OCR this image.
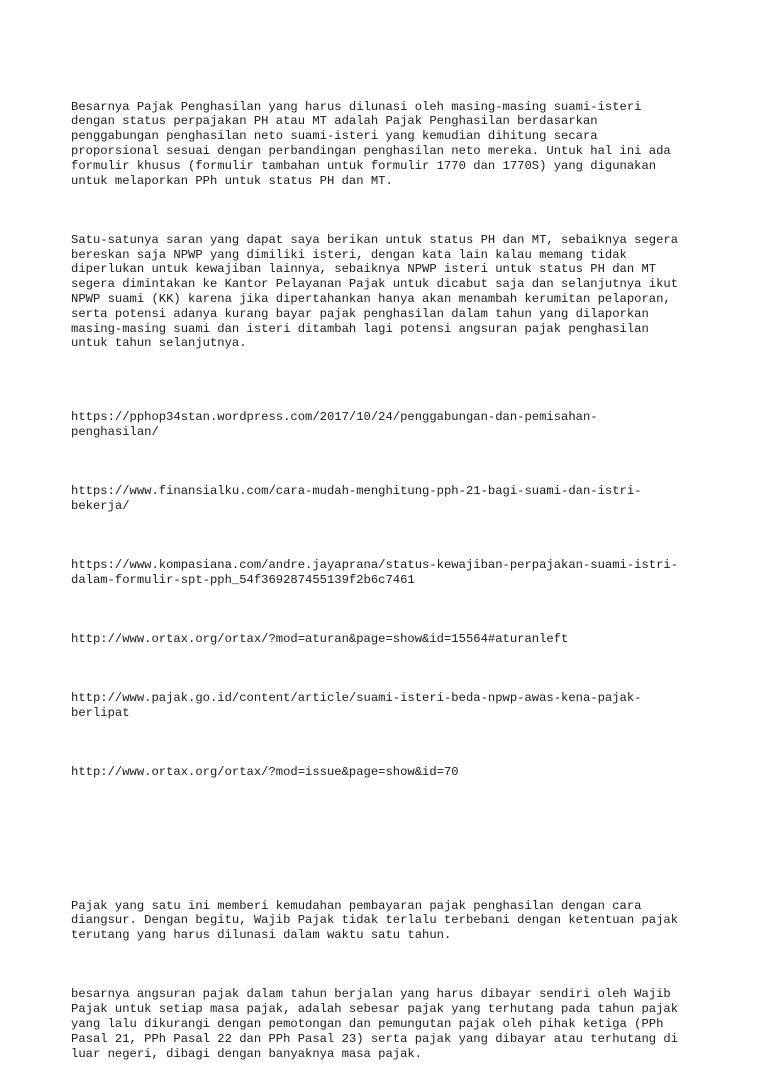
Besarnya Pajak Penghasilan yang harus dilunasi oleh masing-masing suami-isteri
dengan status perpajakan PH atau MT adalah Pajak Penghasilan berdasarkan
penggabungan penghasilan neto suami-isteri yang kemudian dihitung secara
proporsional sesuai dengan perbandingan penghasilan neto mereka. Untuk hal ini ada
formulir khusus (formulir tambahan untuk formulir 1770 dan 1770S) yang digunakan
untuk melaporkan PPh untuk status PH dan MT.

Satu-satunya saran yang dapat saya berikan untuk status PH dan MT, sebaiknya segera
bereskan saja NPWP yang dimiliki isteri, dengan kata lain kalau memang tidak
diperlukan untuk kewajiban lainnya, sebaiknya NPWP isteri untuk status PH dan MT
segera dimintakan ke Kantor Pelayanan Pajak untuk dicabut saja dan selanjutnya ikut
NPWP suami (KK) karena jika dipertahankan hanya akan menambah kerumitan pelaporan,
serta potensi adanya kurang bayar pajak penghasilan dalam tahun yang dilaporkan
masing-masing suami dan isteri ditambah lagi potensi angsuran pajak penghasilan
untuk tahun selanjutnya.

https://pphop34stan.wordpress.com/2017/10/24/penggabungan-dan-pemisahan-
penghasilan/

https://www.finansialku.com/cara-mudah-menghitung-pph-21-bagi-suami-dan-istri-
bekerja/

https://www.kompasiana.com/andre.jayaprana/status-kewajiban-perpajakan-suami-istri-
dalam-formulir-spt-pph_54f369287455139f2b6c7461

http://www.ortax.org/ortax/?mod=aturan&page=show&id=15564#aturanleft

http://www.pajak.go.id/content/article/suami-isteri-beda-npwp-awas-kena-pajak-
berlipat

http://www.ortax.org/ortax/?mod=issue&page=show&id=70

Pajak yang satu ini memberi kemudahan pembayaran pajak penghasilan dengan cara
diangsur. Dengan begitu, Wajib Pajak tidak terlalu terbebani dengan ketentuan pajak
terutang yang harus dilunasi dalam waktu satu tahun.

besarnya angsuran pajak dalam tahun berjalan yang harus dibayar sendiri oleh Wajib
Pajak untuk setiap masa pajak, adalah sebesar pajak yang terhutang pada tahun pajak
yang lalu dikurangi dengan pemotongan dan pemungutan pajak oleh pihak ketiga (PPh
Pasal 21, PPh Pasal 22 dan PPh Pasal 23) serta pajak yang dibayar atau terhutang di
luar negeri, dibagi dengan banyaknya masa pajak.
